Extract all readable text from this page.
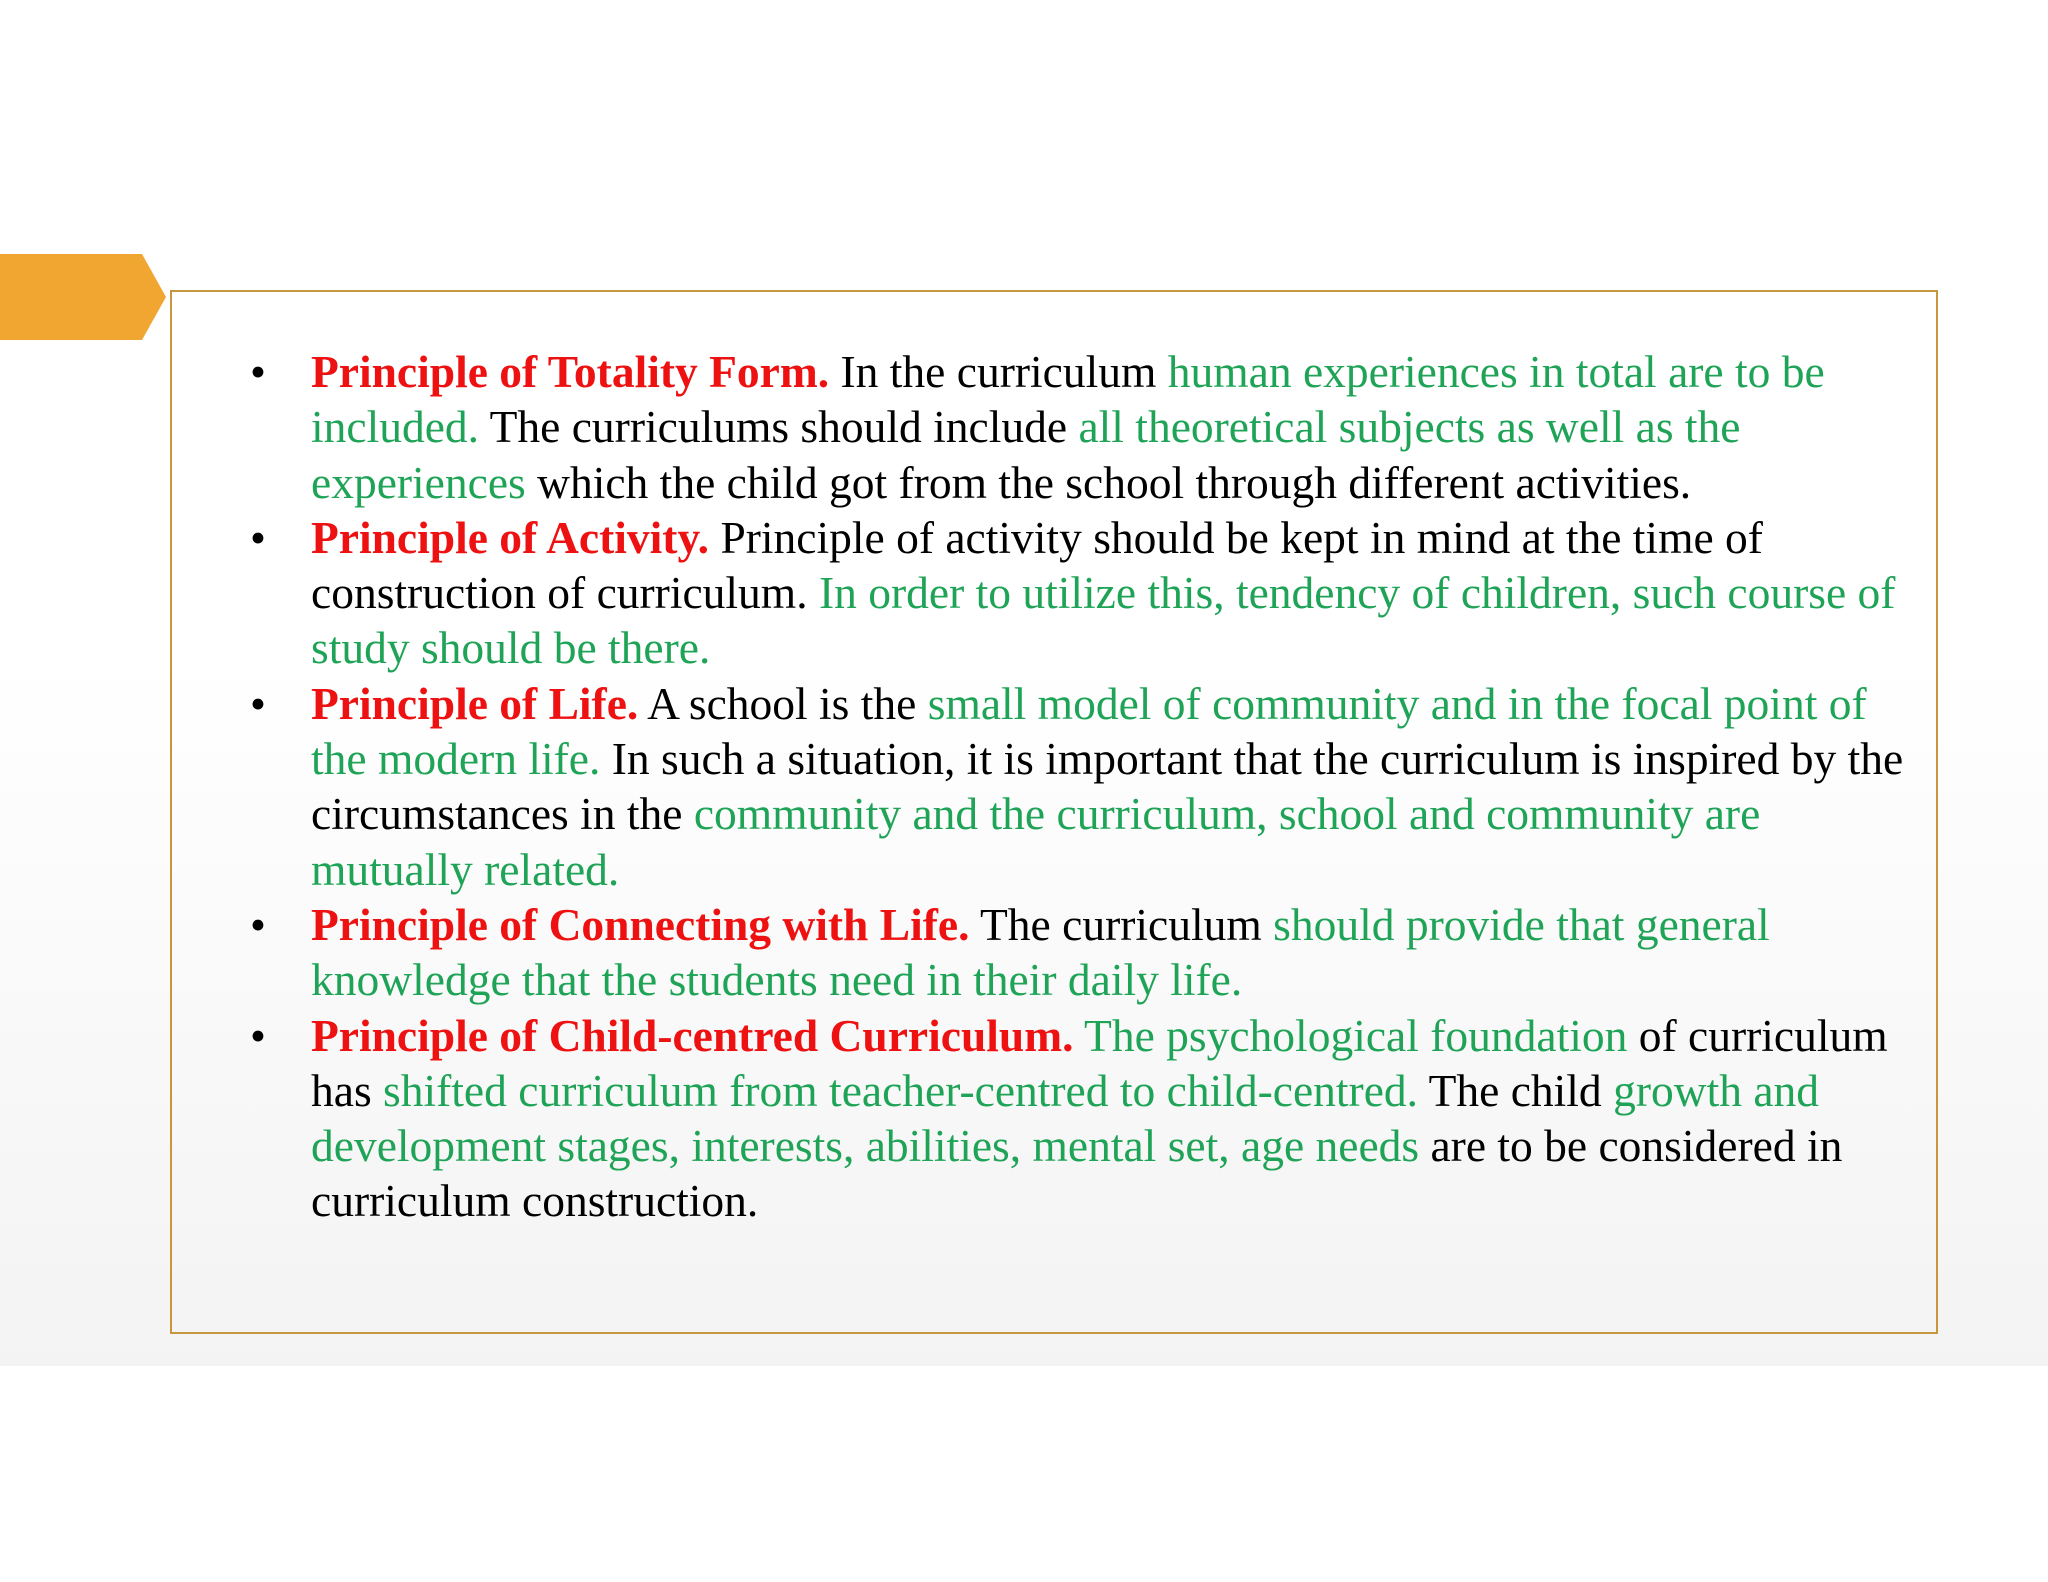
• Principle of Totality Form. In the curriculum human experiences in total are to be included. The curriculums should include all theoretical subjects as well as the experiences which the child got from the school through different activities.
• Principle of Activity. Principle of activity should be kept in mind at the time of construction of curriculum. In order to utilize this, tendency of children, such course of study should be there.
• Principle of Life. A school is the small model of community and in the focal point of the modern life. In such a situation, it is important that the curriculum is inspired by the circumstances in the community and the curriculum, school and community are mutually related.
• Principle of Connecting with Life. The curriculum should provide that general knowledge that the students need in their daily life.
• Principle of Child-centred Curriculum. The psychological foundation of curriculum has shifted curriculum from teacher-centred to child-centred. The child growth and development stages, interests, abilities, mental set, age needs are to be considered in curriculum construction.
